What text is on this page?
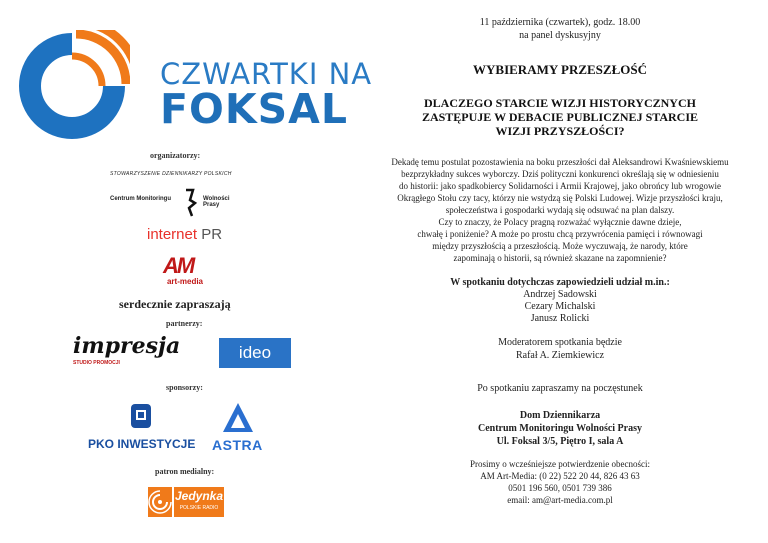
CZWARTKI NA
FOKSAL
organizatorzy:
STOWARZYSZENIE DZIENNIKARZY POLSKICH
Centrum Monitoringu	Wolności Prasy
internet PR
AM
art-media
serdecznie zapraszają
partnerzy:
impresja
STUDIO PROMOCJI
ideo
sponsorzy:
PKO INWESTYCJE ASTRA
patron medialny:
Jedynka
POLSKIE RADIO
11 października (czwartek), godz. 18.00
na panel dyskusyjny
WYBIERAMY PRZESZŁOŚĆ
DLACZEGO STARCIE WIZJI HISTORYCZNYCH
ZASTĘPUJE W DEBACIE PUBLICZNEJ STARCIE
WIZJI PRZYSZŁOŚCI?
Dekadę temu postulat pozostawienia na boku przeszłości dał Aleksandrowi Kwaśniewskiemu
bezprzykładny sukces wyborczy. Dziś polityczni konkurenci określają się w odniesieniu
do historii: jako spadkobiercy Solidarności i Armii Krajowej, jako obrońcy lub wrogowie
Okrągłego Stołu czy tacy, którzy nie wstydzą się Polski Ludowej. Wizje przyszłości kraju,
społeczeństwa i gospodarki wydają się odsuwać na plan dalszy.
Czy to znaczy, że Polacy pragną rozważać wyłącznie dawne dzieje,
chwałę i poniżenie? A może po prostu chcą przywrócenia pamięci i równowagi
między przyszłością a przeszłością. Może wyczuwają, że narody, które
zapominają o historii, są również skazane na zapomnienie?
W spotkaniu dotychczas zapowiedzieli udział m.in.:
Andrzej Sadowski
Cezary Michalski
Janusz Rolicki
Moderatorem spotkania będzie
Rafał A. Ziemkiewicz
Po spotkaniu zapraszamy na poczęstunek
Dom Dziennikarza
Centrum Monitoringu Wolności Prasy
Ul. Foksal 3/5, Piętro I, sala A
Prosimy o wcześniejsze potwierdzenie obecności:
AM Art-Media: (0 22) 522 20 44, 826 43 63
0501 196 560, 0501 739 386
email: am@art-media.com.pl
